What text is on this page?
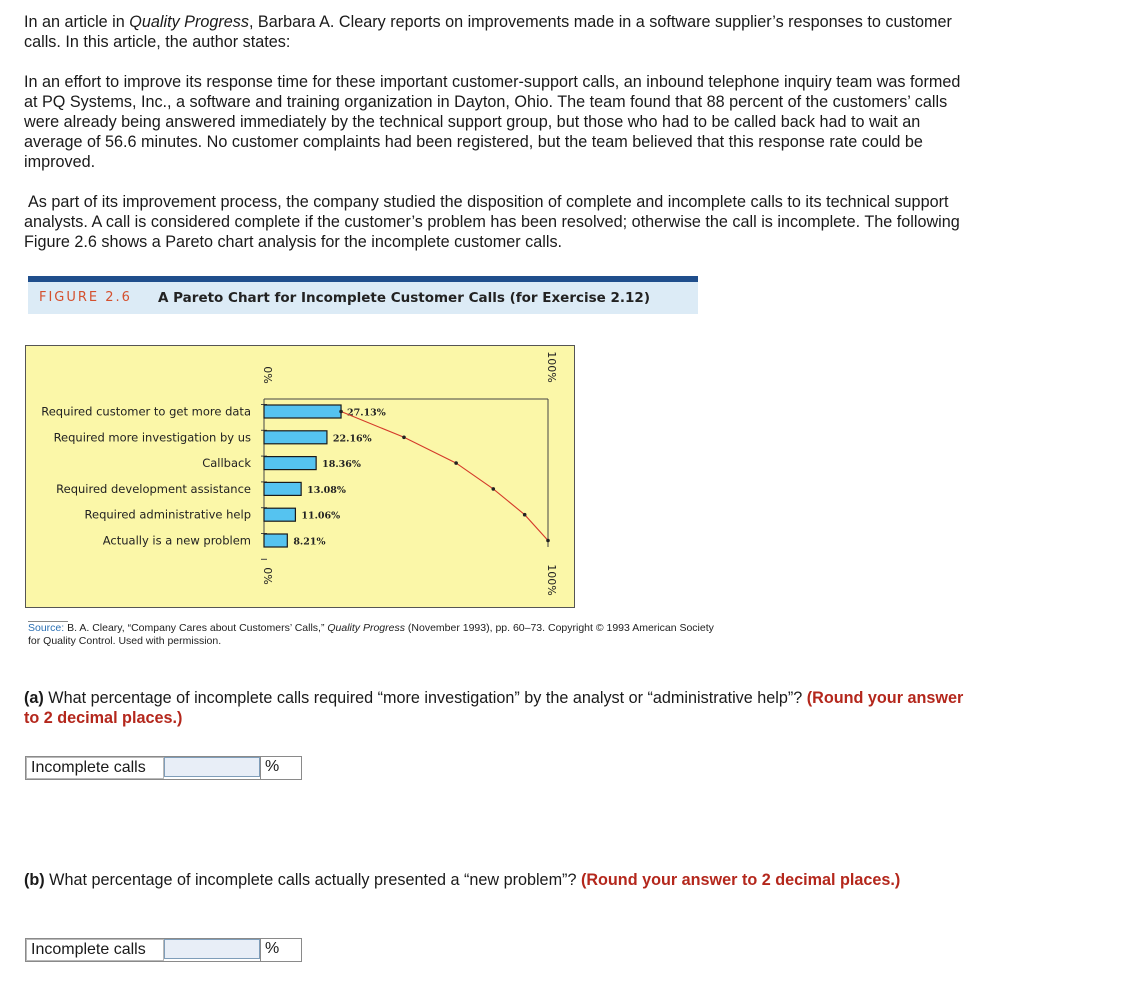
In an article in Quality Progress, Barbara A. Cleary reports on improvements made in a software supplier’s responses to customer calls. In this article, the author states:

In an effort to improve its response time for these important customer-support calls, an inbound telephone inquiry team was formed at PQ Systems, Inc., a software and training organization in Dayton, Ohio. The team found that 88 percent of the customers’ calls were already being answered immediately by the technical support group, but those who had to be called back had to wait an average of 56.6 minutes. No customer complaints had been registered, but the team believed that this response rate could be improved.

As part of its improvement process, the company studied the disposition of complete and incomplete calls to its technical support analysts. A call is considered complete if the customer’s problem has been resolved; otherwise the call is incomplete. The following Figure 2.6 shows a Pareto chart analysis for the incomplete customer calls.

FIGURE 2.6 A Pareto Chart for Incomplete Customer Calls (for Exercise 2.12)
0%
0%
100%
100%
Required customer to get more data
Required more investigation by us
Callback
Required development assistance
Required administrative help
Actually is a new problem
27.13%
22.16%
18.36%
13.08%
11.06%
8.21%
Source: B. A. Cleary, “Company Cares about Customers’ Calls,” Quality Progress (November 1993), pp. 60–73. Copyright © 1993 American Society for Quality Control. Used with permission.

(a) What percentage of incomplete calls required “more investigation” by the analyst or “administrative help”? (Round your answer to 2 decimal places.)

Incomplete calls	%

(b) What percentage of incomplete calls actually presented a “new problem”? (Round your answer to 2 decimal places.)

Incomplete calls	%
